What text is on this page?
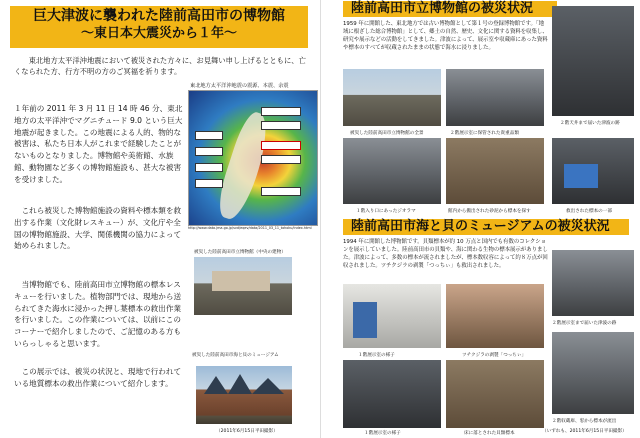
巨大津波に襲われた陸前高田市の博物館
～東日本大震災から１年～

東北地方太平洋沖地震において被災された方々に、お見舞い申し上げるとともに、亡くなられた方、行方不明の方のご冥福を祈ります。

１年前の 2011 年 3 月 11 日 14 時 46 分、東北地方の太平洋沖でマグニチュード 9.0 という巨大地震が起きました。この地震による人的、物的な被害は、私たち日本人がこれまで経験したことがないものとなりました。博物館や美術館、水族館、動物園など多くの博物館施設も、甚大な被害を受けました。

これら被災した博物館施設の資料や標本類を救出する作業（文化財レスキュー）が、文化庁や全国の博物館施設、大学、関係機関の協力によって始められました。

当博物館でも、陸前高田市立博物館の標本レスキューを行いました。植物部門では、現地から送られてきた海水に浸かった押し葉標本の救出作業を行いました。この作業については、以前にこのコーナーで紹介しましたので、ご記憶のある方もいらっしゃると思います。

この展示では、被災の状況と、現地で行われている地質標本の救出作業について紹介します。

東北地方太平洋沖地震の震源、本震、余震
http://www.data.jma.go.jp/svd/eqev/data/2011_03_11_tohoku/index.html
被災した陸前高田市立博物館（中央の建物）
被災した陸前高田市海と貝のミュージアム
（2011年6月15日平田撮影）
陸前高田市立博物館の被災状況

1959 年に開館した、東北地方では古い博物館として第１号の登録博物館です。「地域に根ざした総合博物館」として、郷土の自然、歴史、文化に関する資料を収集し、研究や展示などの活動をしてきました。津波によって、展示室や収蔵庫にあった資料や標本のすべてが収蔵されたままの状態で海水に浸りました。

被災した陸前高田市立博物館の全景	２階展示室に保管された貴重品類
２階天井まで届いた津波の跡
１階入り口にあったジオラマ	館内から搬出された砂泥から標本を探す	救出された標本の一部
陸前高田市海と貝のミュージアムの被災状況

1994 年に開館した博物館です。貝類標本が約 10 万点と国内でも有数のコレクションを展示していました。陸前高田市の貝類や、海に関わる生物の標本展示がありました。津波によって、多数の標本が流されましたが、標本数収容によって約８万点が回収されました。ツチクジラの剥製「つっちぃ」も救出されました。

１階展示室の様子	ツチクジラの剥製「つっちぃ」
２階展示室まで届いた津波の跡
１階展示室の様子	床に落とされた貝類標本
２階収蔵庫、窓から標本が流出
（いずれも、2011年6月15日平田撮影）
